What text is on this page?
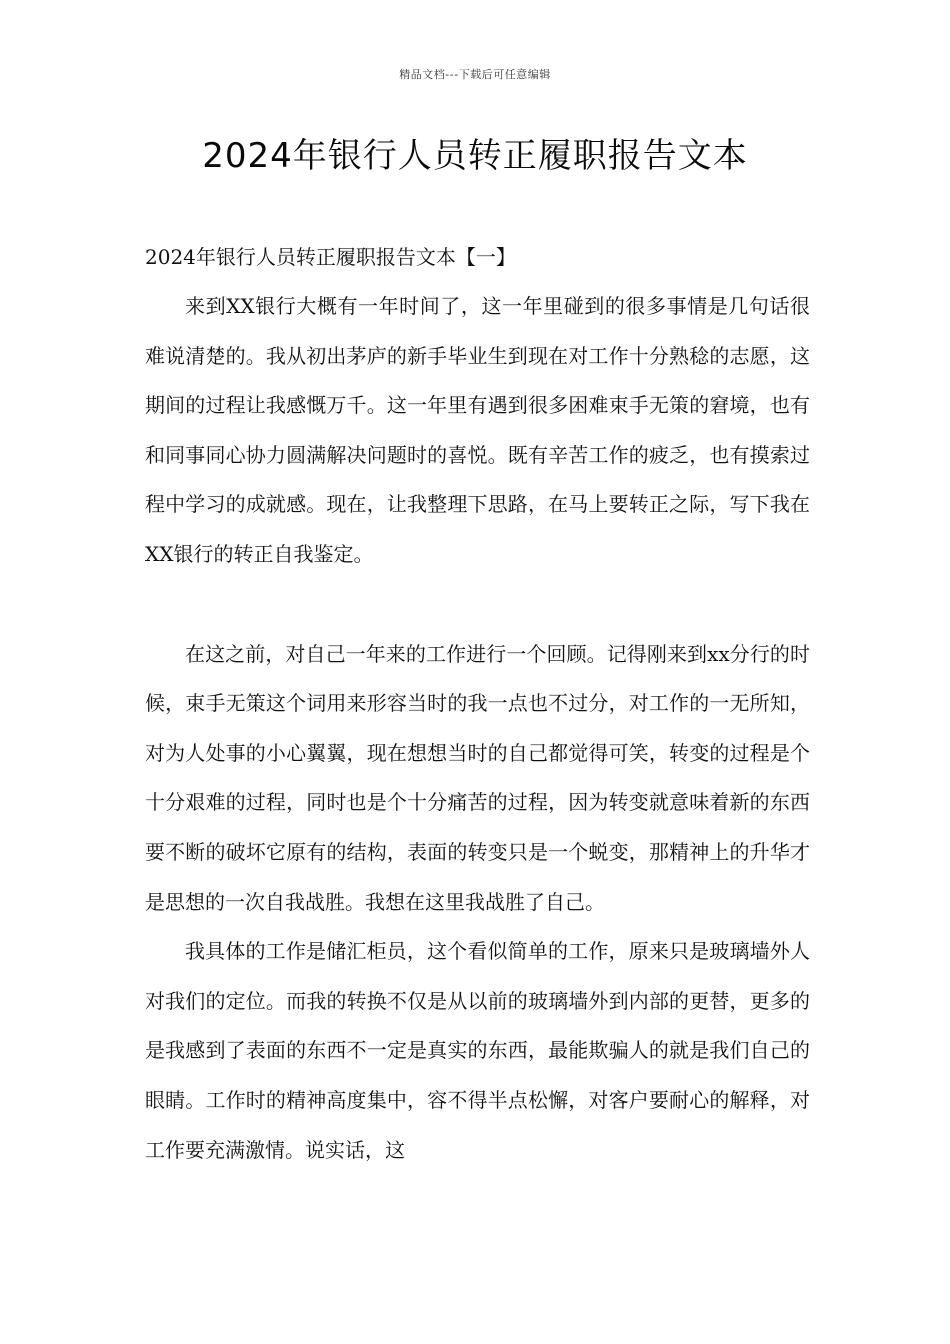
精品文档---下载后可任意编辑
2024年银行人员转正履职报告文本

2024年银行人员转正履职报告文本【一】

来到XX银行大概有一年时间了，这一年里碰到的很多事情是几句话很难说清楚的。我从初出茅庐的新手毕业生到现在对工作十分熟稔的志愿，这期间的过程让我感慨万千。这一年里有遇到很多困难束手无策的窘境，也有和同事同心协力圆满解决问题时的喜悦。既有辛苦工作的疲乏，也有摸索过程中学习的成就感。现在，让我整理下思路，在马上要转正之际，写下我在XX银行的转正自我鉴定。

在这之前，对自己一年来的工作进行一个回顾。记得刚来到xx分行的时候，束手无策这个词用来形容当时的我一点也不过分，对工作的一无所知，对为人处事的小心翼翼，现在想想当时的自己都觉得可笑，转变的过程是个十分艰难的过程，同时也是个十分痛苦的过程，因为转变就意味着新的东西要不断的破坏它原有的结构，表面的转变只是一个蜕变，那精神上的升华才是思想的一次自我战胜。我想在这里我战胜了自己。

我具体的工作是储汇柜员，这个看似简单的工作，原来只是玻璃墙外人对我们的定位。而我的转换不仅是从以前的玻璃墙外到内部的更替，更多的是我感到了表面的东西不一定是真实的东西，最能欺骗人的就是我们自己的眼睛。工作时的精神高度集中，容不得半点松懈，对客户要耐心的解释，对工作要充满激情。说实话，这
